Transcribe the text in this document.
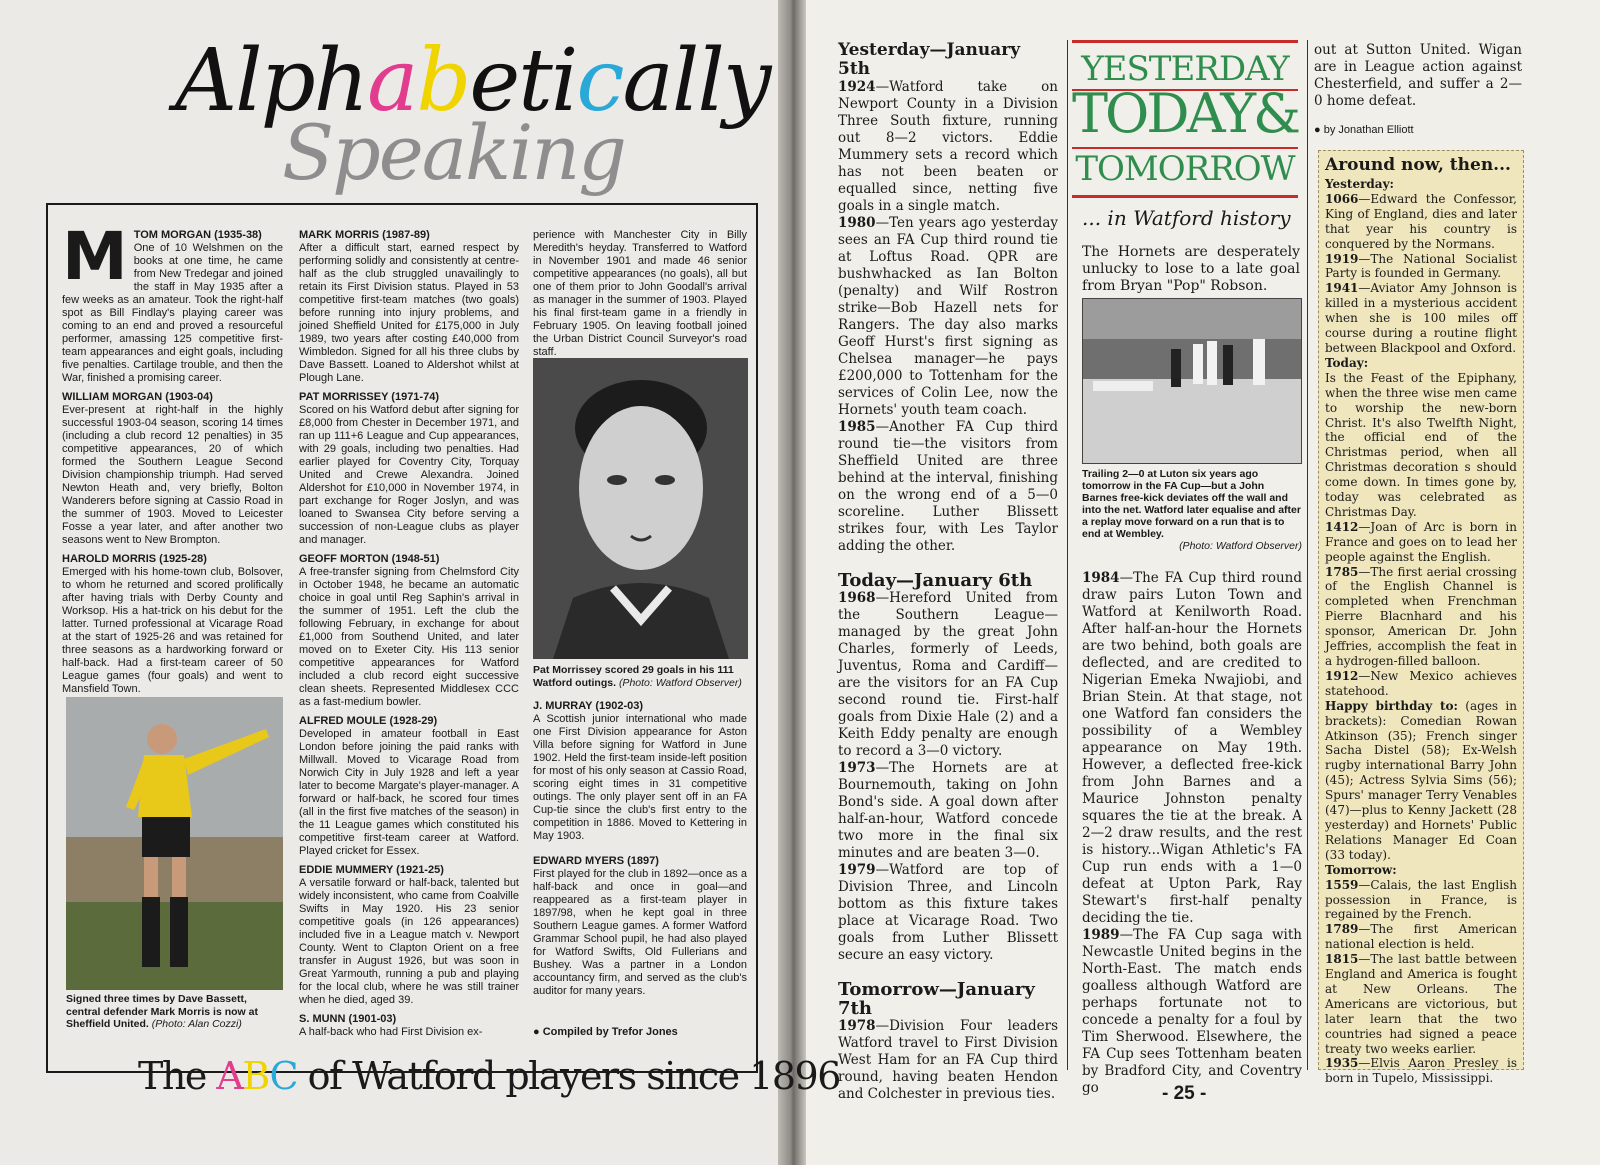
Alphabetically
Speaking
M TOM MORGAN (1935-38)

One of 10 Welshmen on the books at one time, he came from New Tredegar and joined the staff in May 1935 after a few weeks as an amateur. Took the right-half spot as Bill Findlay's playing career was coming to an end and proved a resourceful performer, amassing 125 competitive first-team appearances and eight goals, including five penalties. Cartilage trouble, and then the War, finished a promising career.

WILLIAM MORGAN (1903-04)

Ever-present at right-half in the highly successful 1903-04 season, scoring 14 times (including a club record 12 penalties) in 35 competitive appearances, 20 of which formed the Southern League Second Division championship triumph. Had served Newton Heath and, very briefly, Bolton Wanderers before signing at Cassio Road in the summer of 1903. Moved to Leicester Fosse a year later, and after another two seasons went to New Brompton.

HAROLD MORRIS (1925-28)

Emerged with his home-town club, Bolsover, to whom he returned and scored prolifically after having trials with Derby County and Worksop. His a hat-trick on his debut for the latter. Turned professional at Vicarage Road at the start of 1925-26 and was retained for three seasons as a hardworking forward or half-back. Had a first-team career of 50 League games (four goals) and went to Mansfield Town.

Signed three times by Dave Bassett, central defender Mark Morris is now at Sheffield United. (Photo: Alan Cozzi)
MARK MORRIS (1987-89)

After a difficult start, earned respect by performing solidly and consistently at centre-half as the club struggled unavailingly to retain its First Division status. Played in 53 competitive first-team matches (two goals) before running into injury problems, and joined Sheffield United for £175,000 in July 1989, two years after costing £40,000 from Wimbledon. Signed for all his three clubs by Dave Bassett. Loaned to Aldershot whilst at Plough Lane.

PAT MORRISSEY (1971-74)

Scored on his Watford debut after signing for £8,000 from Chester in December 1971, and ran up 111+6 League and Cup appearances, with 29 goals, including two penalties. Had earlier played for Coventry City, Torquay United and Crewe Alexandra. Joined Aldershot for £10,000 in November 1974, in part exchange for Roger Joslyn, and was loaned to Swansea City before serving a succession of non-League clubs as player and manager.

GEOFF MORTON (1948-51)

A free-transfer signing from Chelmsford City in October 1948, he became an automatic choice in goal until Reg Saphin's arrival in the summer of 1951. Left the club the following February, in exchange for about £1,000 from Southend United, and later moved on to Exeter City. His 113 senior competitive appearances for Watford included a club record eight successive clean sheets. Represented Middlesex CCC as a fast-medium bowler.

ALFRED MOULE (1928-29)

Developed in amateur football in East London before joining the paid ranks with Millwall. Moved to Vicarage Road from Norwich City in July 1928 and left a year later to become Margate's player-manager. A forward or half-back, he scored four times (all in the first five matches of the season) in the 11 League games which constituted his competitive first-team career at Watford. Played cricket for Essex.

EDDIE MUMMERY (1921-25)

A versatile forward or half-back, talented but widely inconsistent, who came from Coalville Swifts in May 1920. His 23 senior competitive goals (in 126 appearances) included five in a League match v. Newport County. Went to Clapton Orient on a free transfer in August 1926, but was soon in Great Yarmouth, running a pub and playing for the local club, where he was still trainer when he died, aged 39.

S. MUNN (1901-03)

A half-back who had First Division ex-

perience with Manchester City in Billy Meredith's heyday. Transferred to Watford in November 1901 and made 46 senior competitive appearances (no goals), all but one of them prior to John Goodall's arrival as manager in the summer of 1903. Played his final first-team game in a friendly in February 1905. On leaving football joined the Urban District Council Surveyor's road staff.

Pat Morrissey scored 29 goals in his 111 Watford outings. (Photo: Watford Observer)
J. MURRAY (1902-03)

A Scottish junior international who made one First Division appearance for Aston Villa before signing for Watford in June 1902. Held the first-team inside-left position for most of his only season at Cassio Road, scoring eight times in 31 competitive outings. The only player sent off in an FA Cup-tie since the club's first entry to the competition in 1886. Moved to Kettering in May 1903.

EDWARD MYERS (1897)

First played for the club in 1892—once as a half-back and once in goal—and reappeared as a first-team player in 1897/98, when he kept goal in three Southern League games. A former Watford Grammar School pupil, he had also played for Watford Swifts, Old Fullerians and Bushey. Was a partner in a London accountancy firm, and served as the club's auditor for many years.

● Compiled by Trefor Jones
The ABC of Watford players since 1896
Yesterday—January 5th

1924—Watford take on Newport County in a Division Three South fixture, running out 8—2 victors. Eddie Mummery sets a record which has not been beaten or equalled since, netting five goals in a single match.

1980—Ten years ago yesterday sees an FA Cup third round tie at Loftus Road. QPR are bushwhacked as Ian Bolton (penalty) and Wilf Rostron strike—Bob Hazell nets for Rangers. The day also marks Geoff Hurst's first signing as Chelsea manager—he pays £200,000 to Tottenham for the services of Colin Lee, now the Hornets' youth team coach.

1985—Another FA Cup third round tie—the visitors from Sheffield United are three behind at the interval, finishing on the wrong end of a 5—0 scoreline. Luther Blissett strikes four, with Les Taylor adding the other.

Today—January 6th

1968—Hereford United from the Southern League—managed by the great John Charles, formerly of Leeds, Juventus, Roma and Cardiff—are the visitors for an FA Cup second round tie. First-half goals from Dixie Hale (2) and a Keith Eddy penalty are enough to record a 3—0 victory.

1973—The Hornets are at Bournemouth, taking on John Bond's side. A goal down after half-an-hour, Watford concede two more in the final six minutes and are beaten 3—0.

1979—Watford are top of Division Three, and Lincoln bottom as this fixture takes place at Vicarage Road. Two goals from Luther Blissett secure an easy victory.

Tomorrow—January 7th

1978—Division Four leaders Watford travel to First Division West Ham for an FA Cup third round, having beaten Hendon and Colchester in previous ties.

YESTERDAY
TODAY&
TOMORROW
... in Watford history

The Hornets are desperately unlucky to lose to a late goal from Bryan "Pop" Robson.

Trailing 2—0 at Luton six years ago tomorrow in the FA Cup—but a John Barnes free-kick deviates off the wall and into the net. Watford later equalise and after a replay move forward on a run that is to end at Wembley.

(Photo: Watford Observer)

1984—The FA Cup third round draw pairs Luton Town and Watford at Kenilworth Road. After half-an-hour the Hornets are two behind, both goals are deflected, and are credited to Nigerian Emeka Nwajiobi, and Brian Stein. At that stage, not one Watford fan considers the possibility of a Wembley appearance on May 19th. However, a deflected free-kick from John Barnes and a Maurice Johnston penalty squares the tie at the break. A 2—2 draw results, and the rest is history...Wigan Athletic's FA Cup run ends with a 1—0 defeat at Upton Park, Ray Stewart's first-half penalty deciding the tie.

1989—The FA Cup saga with Newcastle United begins in the North-East. The match ends goalless although Watford are perhaps fortunate not to concede a penalty for a foul by Tim Sherwood. Elsewhere, the FA Cup sees Tottenham beaten by Bradford City, and Coventry go

out at Sutton United. Wigan are in League action against Chesterfield, and suffer a 2—0 home defeat.

● by Jonathan Elliott

Around now, then...

Yesterday:

1066—Edward the Confessor, King of England, dies and later that year his country is conquered by the Normans.

1919—The National Socialist Party is founded in Germany.

1941—Aviator Amy Johnson is killed in a mysterious accident when she is 100 miles off course during a routine flight between Blackpool and Oxford.

Today:

Is the Feast of the Epiphany, when the three wise men came to worship the new-born Christ. It's also Twelfth Night, the official end of the Christmas period, when all Christmas decoration s should come down. In times gone by, today was celebrated as Christmas Day.

1412—Joan of Arc is born in France and goes on to lead her people against the English.

1785—The first aerial crossing of the English Channel is completed when Frenchman Pierre Blacnhard and his sponsor, American Dr. John Jeffries, accomplish the feat in a hydrogen-filled balloon.

1912—New Mexico achieves statehood.

Happy birthday to: (ages in brackets): Comedian Rowan Atkinson (35); French singer Sacha Distel (58); Ex-Welsh rugby international Barry John (45); Actress Sylvia Sims (56); Spurs' manager Terry Venables (47)—plus to Kenny Jackett (28 yesterday) and Hornets' Public Relations Manager Ed Coan (33 today).

Tomorrow:

1559—Calais, the last English possession in France, is regained by the French.

1789—The first American national election is held.

1815—The last battle between England and America is fought at New Orleans. The Americans are victorious, but later learn that the two countries had signed a peace treaty two weeks earlier.

1935—Elvis Aaron Presley is born in Tupelo, Mississippi.

- 25 -
